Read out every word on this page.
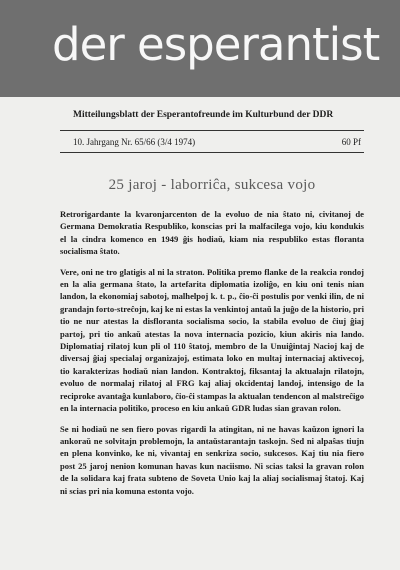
der esperantist
Mitteilungsblatt der Esperantofreunde im Kulturbund der DDR
10. Jahrgang Nr. 65/66 (3/4 1974)	60 Pf
25 jaroj - laborriĉa, sukcesa vojo

Retrorigardante la kvaronjarcenton de la evoluo de nia ŝtato ni, civitanoj de Germana Demokratia Respubliko, konscias pri la malfacilega vojo, kiu kondukis el la cindra komenco en 1949 ĝis hodiaŭ, kiam nia respubliko estas floranta socialisma ŝtato.

Vere, oni ne tro glatigis al ni la straton. Politika premo flanke de la reakcia rondoj en la alia germana ŝtato, la artefarita diplomatia izoliĝo, en kiu oni tenis nian landon, la ekonomiaj sabotoj, malhelpoj k. t. p., ĉio-ĉi postulis por venki ilin, de ni grandajn forto-streĉojn, kaj ke ni estas la venkintoj antaŭ la juĝo de la historio, pri tio ne nur atestas la disfloranta socialisma socio, la stabila evoluo de ĉiuj ĝiaj partoj, pri tio ankaŭ atestas la nova internacia pozicio, kiun akiris nia lando. Diplomatiaj rilatoj kun pli ol 110 ŝtatoj, membro de la Unuiĝintaj Nacioj kaj de diversaj ĝiaj specialaj organizajoj, estimata loko en multaj internaciaj aktivecoj, tio karakterizas hodiaŭ nian landon. Kontraktoj, fiksantaj la aktualajn rilatojn, evoluo de normalaj rilatoj al FRG kaj aliaj okcidentaj landoj, intensigo de la reciproke avantaĝa kunlaboro, ĉio-ĉi stampas la aktualan tendencon al malstreĉigo en la internacia politiko, proceso en kiu ankaŭ GDR ludas sian gravan rolon.

Se ni hodiaŭ ne sen fiero povas rigardi la atingitan, ni ne havas kaŭzon ignori la ankoraŭ ne solvitajn problemojn, la antaŭstarantajn taskojn. Sed ni alpaŝas tiujn en plena konvinko, ke ni, vivantaj en senkriza socio, sukcesos. Kaj tiu nia fiero post 25 jaroj nenion komunan havas kun naciismo. Ni scias taksi la gravan rolon de la solidara kaj frata subteno de Soveta Unio kaj la aliaj socialismaj ŝtatoj. Kaj ni scias pri nia komuna estonta vojo.
